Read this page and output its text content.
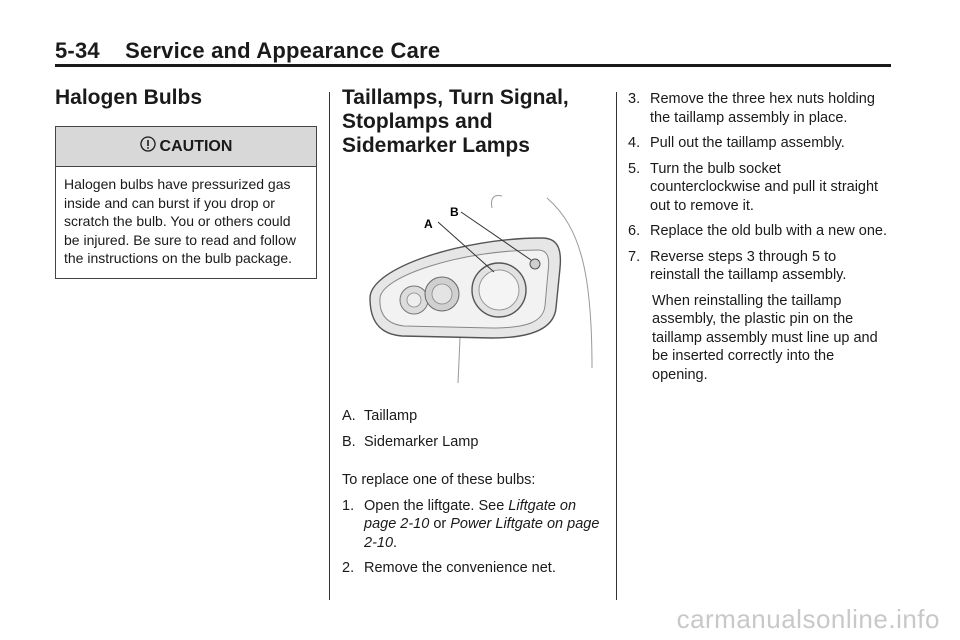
5-34    Service and Appearance Care
Halogen Bulbs
CAUTION
Halogen bulbs have pressurized gas inside and can burst if you drop or scratch the bulb. You or others could be injured. Be sure to read and follow the instructions on the bulb package.
Taillamps, Turn Signal,
Stoplamps and
Sidemarker Lamps
A
B
A. Taillamp
B. Sidemarker Lamp

To replace one of these bulbs:

1. Open the liftgate. See Liftgate on page 2-10 or Power Liftgate on page 2-10.
2. Remove the convenience net.
3. Remove the three hex nuts holding the taillamp assembly in place.
4. Pull out the taillamp assembly.
5. Turn the bulb socket counterclockwise and pull it straight out to remove it.
6. Replace the old bulb with a new one.
7. Reverse steps 3 through 5 to reinstall the taillamp assembly.

When reinstalling the taillamp assembly, the plastic pin on the taillamp assembly must line up and be inserted correctly into the opening.

carmanualsonline.info
